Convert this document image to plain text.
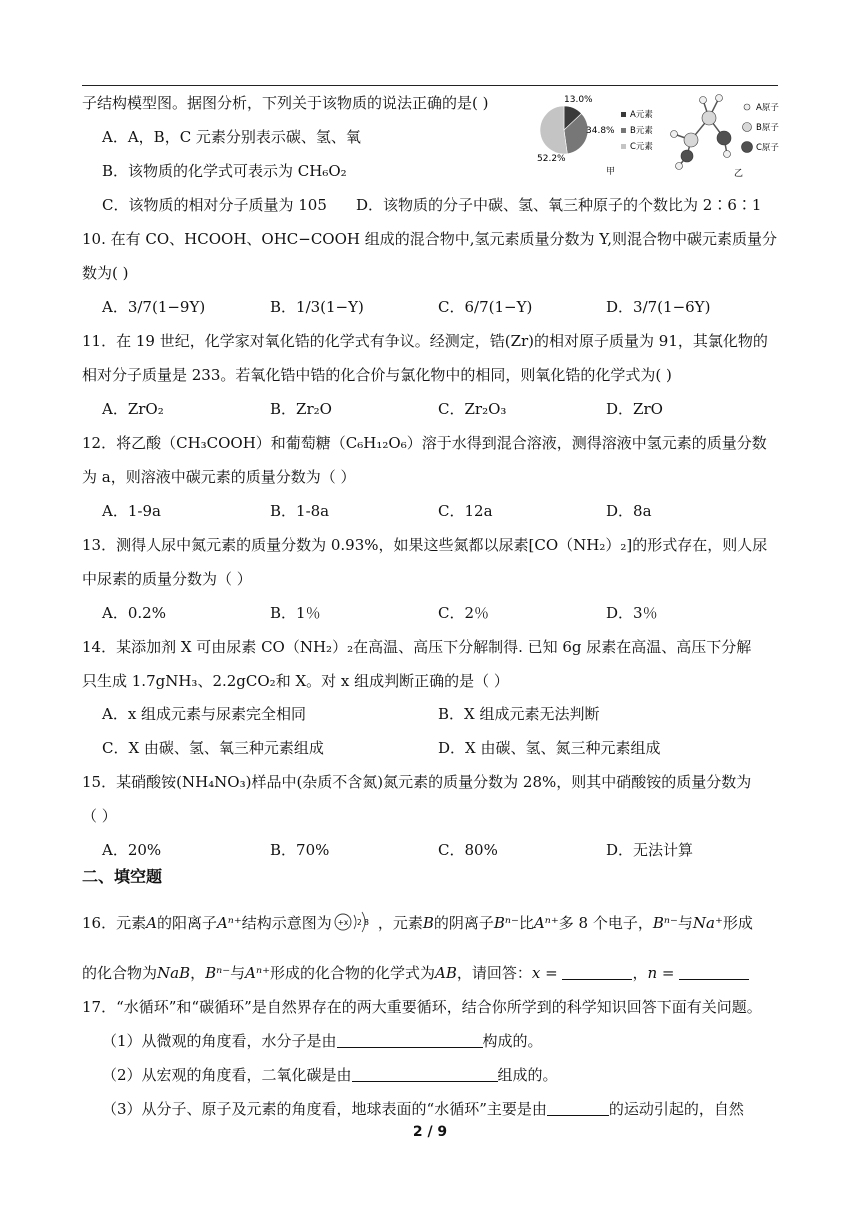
子结构模型图。据图分析，下列关于该物质的说法正确的是( )
A．A，B，C 元素分别表示碳、氢、氧
B．该物质的化学式可表示为 CH₆O₂
C．该物质的相对分子质量为 105 D．该物质的分子中碳、氢、氧三种原子的个数比为 2∶6∶1
13.0%
34.8%
52.2%
A元素
B元素
C元素
甲
A原子
B原子
C原子
乙
10. 在有 CO、HCOOH、OHC−COOH 组成的混合物中,氢元素质量分数为 Y,则混合物中碳元素质量分
数为( )
A．3/7(1−9Y)	B．1/3(1−Y)	C．6/7(1−Y)	D．3/7(1−6Y)
11．在 19 世纪，化学家对氧化锆的化学式有争议。经测定，锆(Zr)的相对原子质量为 91，其氯化物的
相对分子质量是 233。若氧化锆中锆的化合价与氯化物中的相同，则氧化锆的化学式为( )
A．ZrO₂	B．Zr₂O	C．Zr₂O₃	D．ZrO
12．将乙酸（CH₃COOH）和葡萄糖（C₆H₁₂O₆）溶于水得到混合溶液，测得溶液中氢元素的质量分数
为 a，则溶液中碳元素的质量分数为（ ）
A．1-9a	B．1-8a	C．12a	D．8a
13．测得人尿中氮元素的质量分数为 0.93%，如果这些氮都以尿素[CO（NH₂）₂]的形式存在，则人尿
中尿素的质量分数为（ ）
A．0.2%	B．1％	C．2％	D．3％
14．某添加剂 X 可由尿素 CO（NH₂）₂在高温、高压下分解制得. 已知 6g 尿素在高温、高压下分解
只生成 1.7gNH₃、2.2gCO₂和 X。对 x 组成判断正确的是（ ）
A．x 组成元素与尿素完全相同	B．X 组成元素无法判断
C．X 由碳、氢、氧三种元素组成	D．X 由碳、氢、氮三种元素组成
15．某硝酸铵(NH₄NO₃)样品中(杂质不含氮)氮元素的质量分数为 28%，则其中硝酸铵的质量分数为
（ ）
A．20%	B．70%	C．80%	D．无法计算
二、填空题
16．元素A的阳离子Aⁿ⁺结构示意图为 +x 2 8 ，元素B的阴离子Bⁿ⁻比Aⁿ⁺多 8 个电子，Bⁿ⁻与Na⁺形成
的化合物为NaB，Bⁿ⁻与Aⁿ⁺形成的化合物的化学式为AB，请回答：x =	，n =
17．“水循环”和“碳循环”是自然界存在的两大重要循环，结合你所学到的科学知识回答下面有关问题。
（1）从微观的角度看，水分子是由	构成的。
（2）从宏观的角度看，二氧化碳是由	组成的。
（3）从分子、原子及元素的角度看，地球表面的“水循环”主要是由	的运动引起的，自然
2 / 9
